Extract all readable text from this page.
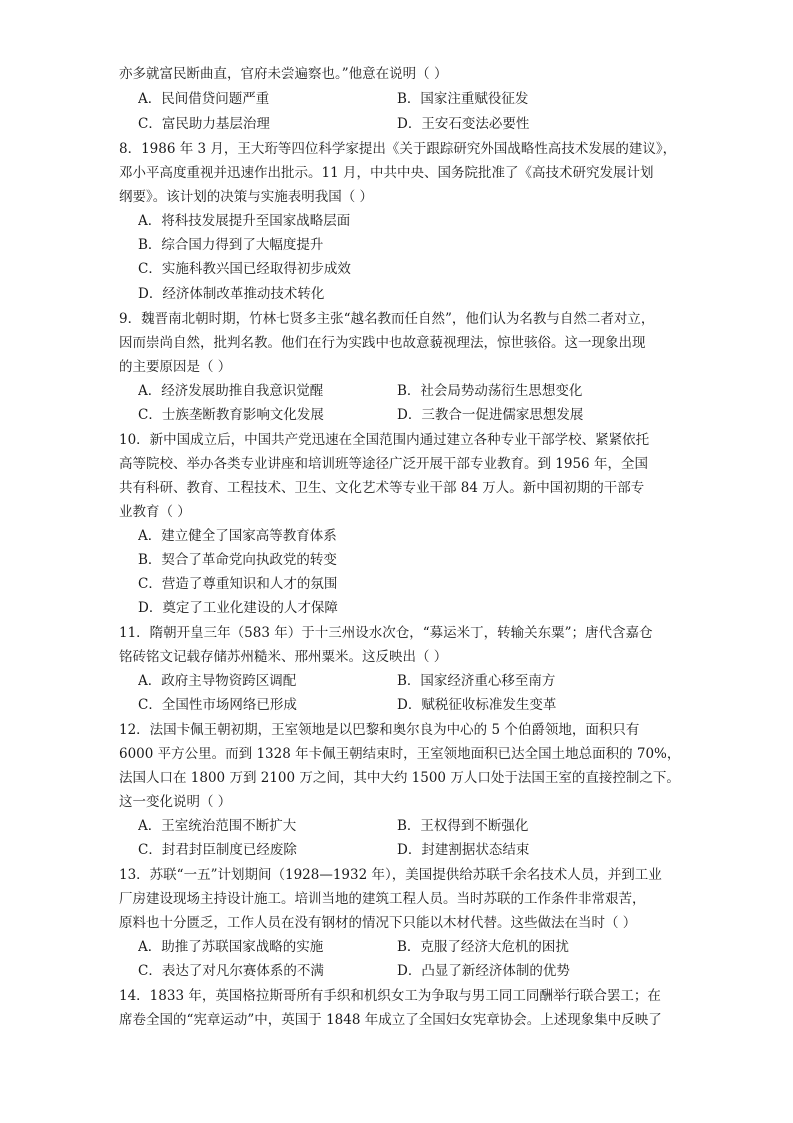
亦多就富民断曲直，官府未尝遍察也。”他意在说明（ ）
A．民间借贷问题严重	B．国家注重赋役征发
C．富民助力基层治理	D．王安石变法必要性
8．1986 年 3 月，王大珩等四位科学家提出《关于跟踪研究外国战略性高技术发展的建议》，
邓小平高度重视并迅速作出批示。11 月，中共中央、国务院批准了《高技术研究发展计划
纲要》。该计划的决策与实施表明我国（ ）
A．将科技发展提升至国家战略层面
B．综合国力得到了大幅度提升
C．实施科教兴国已经取得初步成效
D．经济体制改革推动技术转化
9．魏晋南北朝时期，竹林七贤多主张“越名教而任自然”，他们认为名教与自然二者对立，
因而崇尚自然，批判名教。他们在行为实践中也故意藐视理法，惊世骇俗。这一现象出现
的主要原因是（ ）
A．经济发展助推自我意识觉醒	B．社会局势动荡衍生思想变化
C．士族垄断教育影响文化发展	D．三教合一促进儒家思想发展
10．新中国成立后，中国共产党迅速在全国范围内通过建立各种专业干部学校、紧紧依托
高等院校、举办各类专业讲座和培训班等途径广泛开展干部专业教育。到 1956 年，全国
共有科研、教育、工程技术、卫生、文化艺术等专业干部 84 万人。新中国初期的干部专
业教育（ ）
A．建立健全了国家高等教育体系
B．契合了革命党向执政党的转变
C．营造了尊重知识和人才的氛围
D．奠定了工业化建设的人才保障
11．隋朝开皇三年（583 年）于十三州设水次仓，“募运米丁，转输关东粟”；唐代含嘉仓
铭砖铭文记载存储苏州糙米、邢州粟米。这反映出（ ）
A．政府主导物资跨区调配	B．国家经济重心移至南方
C．全国性市场网络已形成	D．赋税征收标准发生变革
12．法国卡佩王朝初期，王室领地是以巴黎和奥尔良为中心的 5 个伯爵领地，面积只有
6000 平方公里。而到 1328 年卡佩王朝结束时，王室领地面积已达全国土地总面积的 70%，
法国人口在 1800 万到 2100 万之间，其中大约 1500 万人口处于法国王室的直接控制之下。
这一变化说明（ ）
A．王室统治范围不断扩大	B．王权得到不断强化
C．封君封臣制度已经废除	D．封建割据状态结束
13．苏联“一五”计划期间（1928—1932 年），美国提供给苏联千余名技术人员，并到工业
厂房建设现场主持设计施工。培训当地的建筑工程人员。当时苏联的工作条件非常艰苦，
原料也十分匮乏，工作人员在没有钢材的情况下只能以木材代替。这些做法在当时（ ）
A．助推了苏联国家战略的实施	B．克服了经济大危机的困扰
C．表达了对凡尔赛体系的不满	D．凸显了新经济体制的优势
14．1833 年，英国格拉斯哥所有手织和机织女工为争取与男工同工同酬举行联合罢工；在
席卷全国的“宪章运动”中，英国于 1848 年成立了全国妇女宪章协会。上述现象集中反映了
